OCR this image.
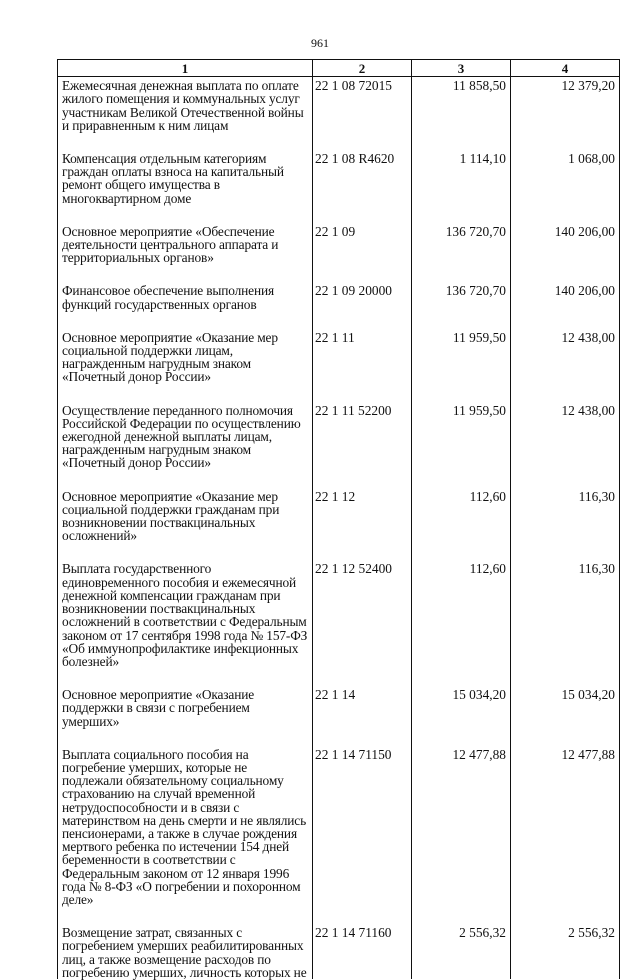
961
1	2	3	4
Ежемесячная денежная выплата по оплате жилого помещения и коммунальных услуг участникам Великой Отечественной войны и приравненным к ним лицам	22 1 08 72015	11 858,50	12 379,20
Компенсация отдельным категориям граждан оплаты взноса на капитальный ремонт общего имущества в многоквартирном доме	22 1 08 R4620	1 114,10	1 068,00
Основное мероприятие «Обеспечение деятельности центрального аппарата и территориальных органов»	22 1 09	136 720,70	140 206,00
Финансовое обеспечение выполнения функций государственных органов	22 1 09 20000	136 720,70	140 206,00
Основное мероприятие «Оказание мер социальной поддержки лицам, награжденным нагрудным знаком «Почетный донор России»	22 1 11	11 959,50	12 438,00
Осуществление переданного полномочия Российской Федерации по осуществлению ежегодной денежной выплаты лицам, награжденным нагрудным знаком «Почетный донор России»	22 1 11 52200	11 959,50	12 438,00
Основное мероприятие «Оказание мер социальной поддержки гражданам при возникновении поствакцинальных осложнений»	22 1 12	112,60	116,30
Выплата государственного единовременного пособия и ежемесячной денежной компенсации гражданам при возникновении поствакцинальных осложнений в соответствии с Федеральным законом от 17 сентября 1998 года № 157-ФЗ «Об иммунопрофилактике инфекционных болезней»	22 1 12 52400	112,60	116,30
Основное мероприятие «Оказание поддержки в связи с погребением умерших»	22 1 14	15 034,20	15 034,20
Выплата социального пособия на погребение умерших, которые не подлежали обязательному социальному страхованию на случай временной нетрудоспособности и в связи с материнством на день смерти и не являлись пенсионерами, а также в случае рождения мертвого ребенка по истечении 154 дней беременности в соответствии с Федеральным законом от 12 января 1996 года № 8-ФЗ «О погребении и похоронном деле»	22 1 14 71150	12 477,88	12 477,88
Возмещение затрат, связанных с погребением умерших реабилитированных лиц, а также возмещение расходов по погребению умерших, личность которых не	22 1 14 71160	2 556,32	2 556,32
